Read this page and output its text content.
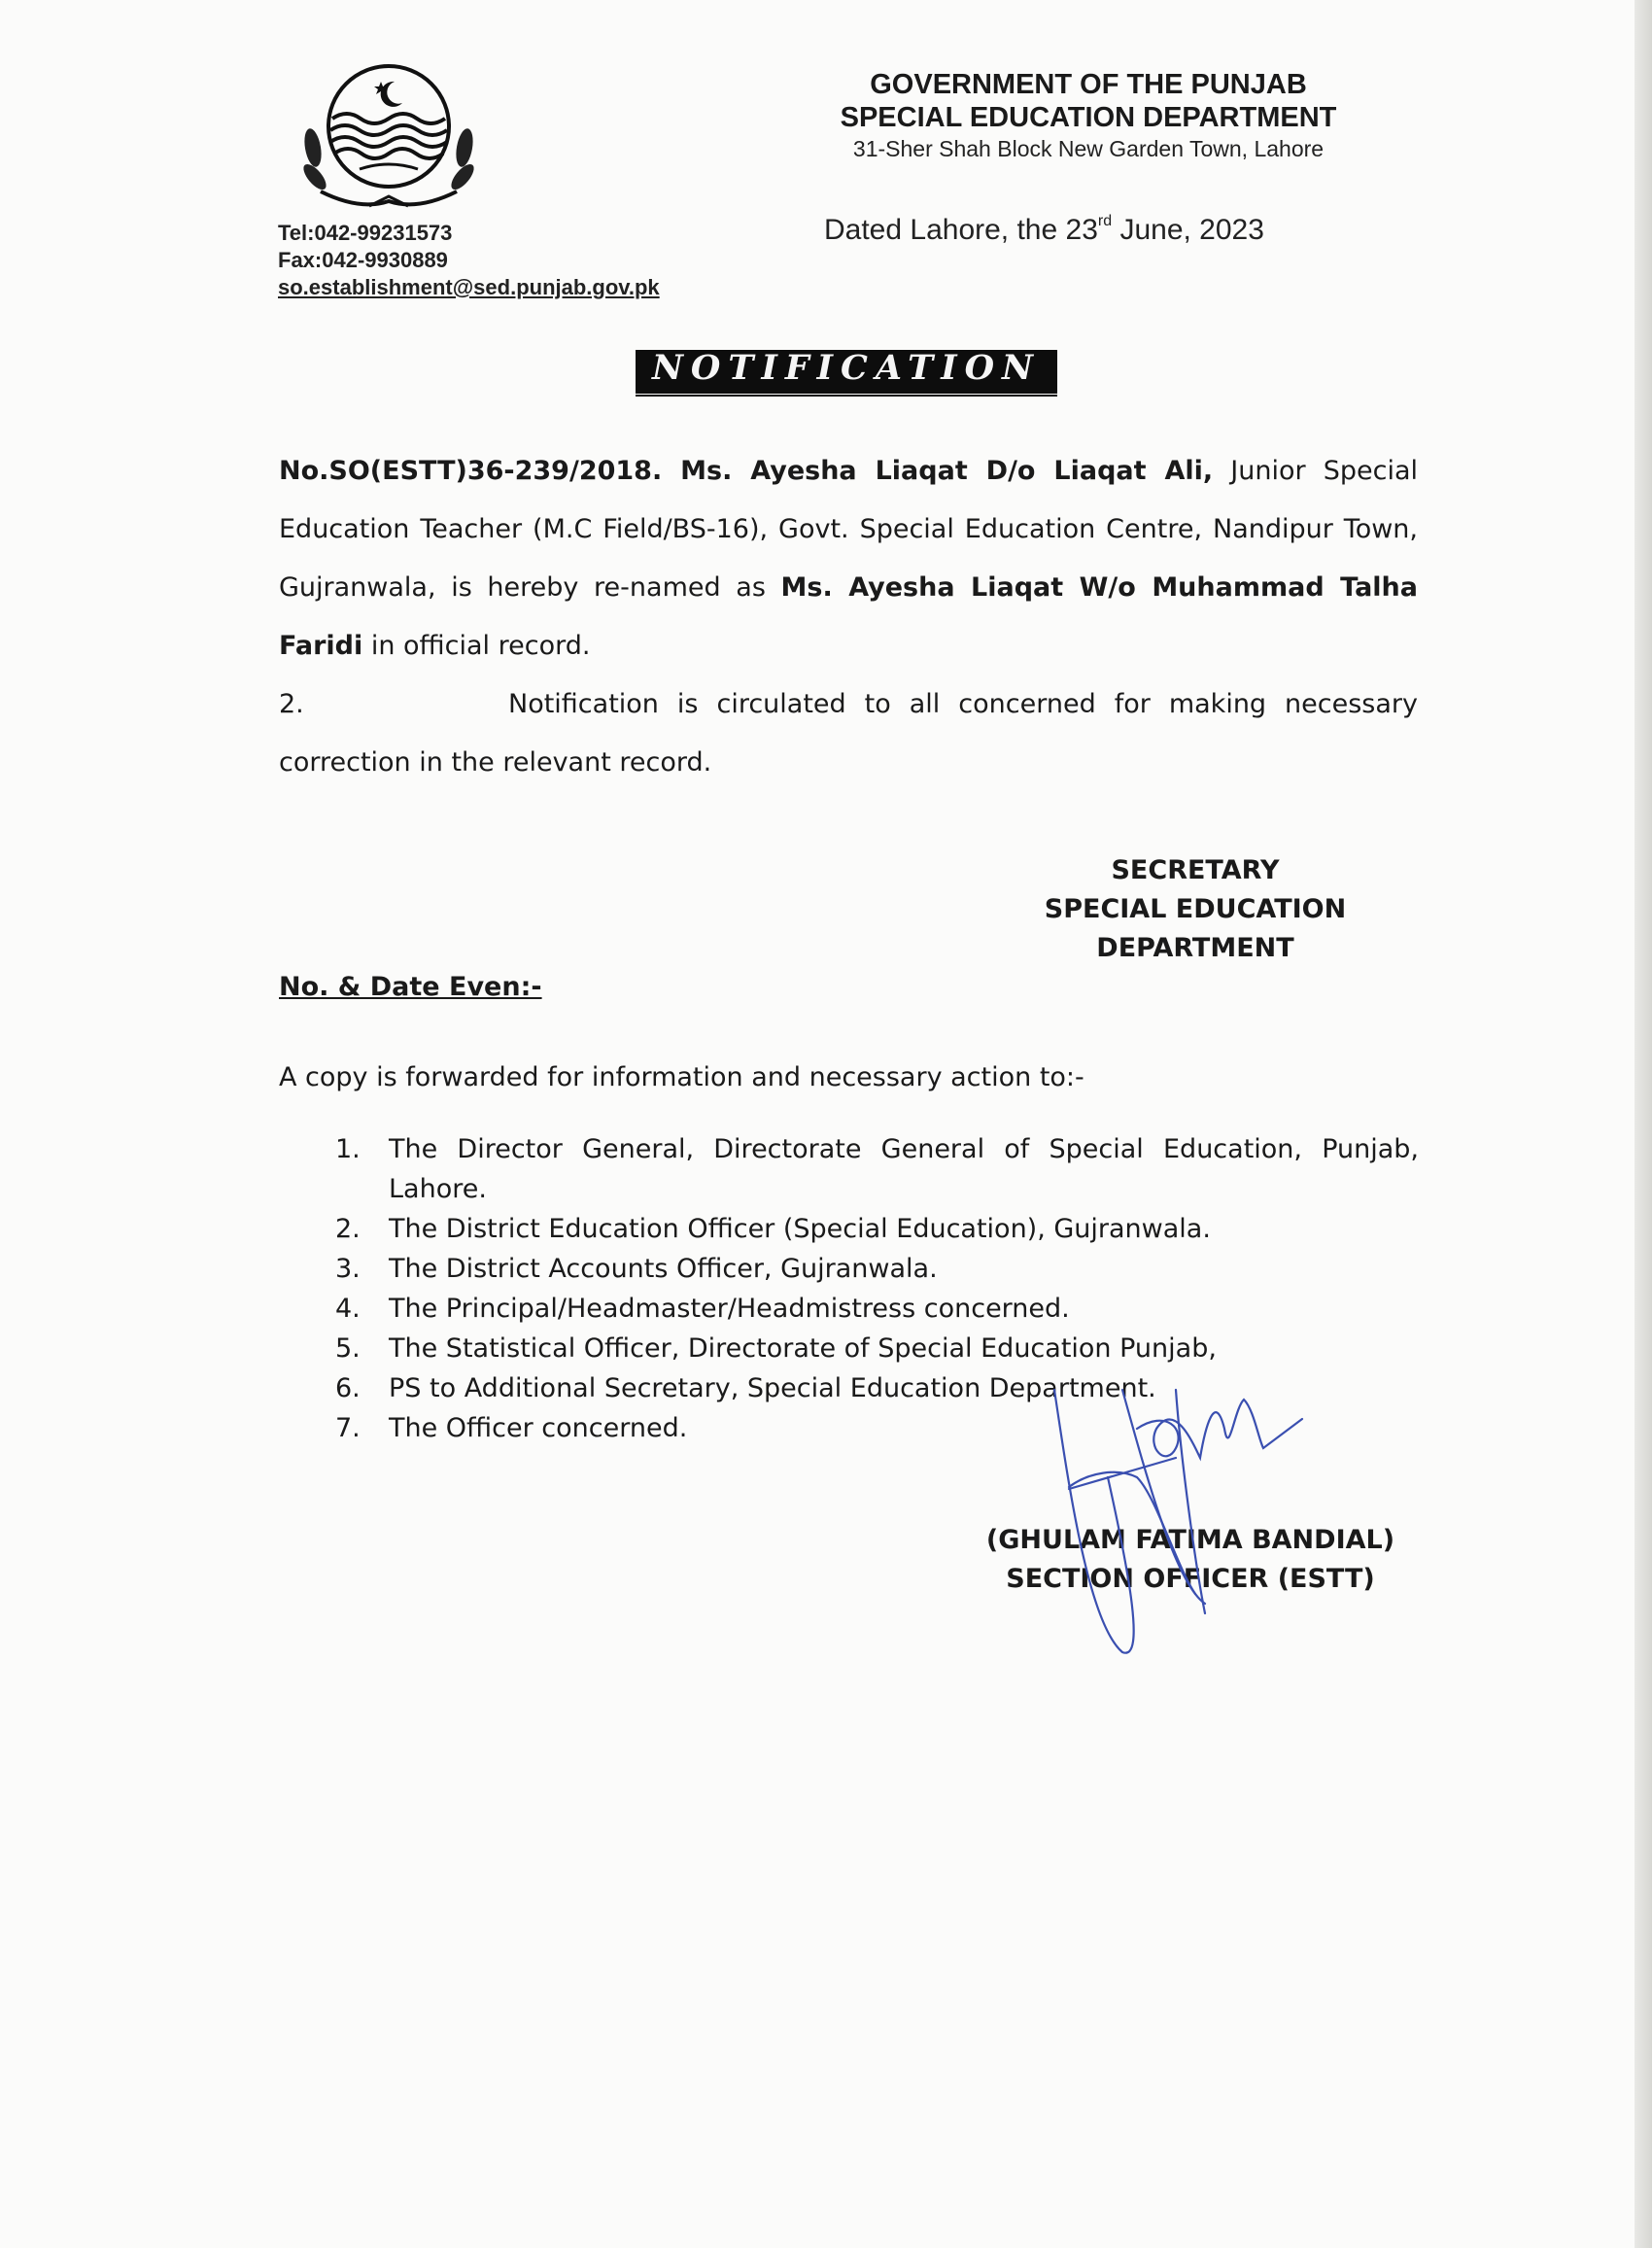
Tel:042-99231573
Fax:042-9930889
so.establishment@sed.punjab.gov.pk
GOVERNMENT OF THE PUNJAB
SPECIAL EDUCATION DEPARTMENT
31-Sher Shah Block New Garden Town, Lahore
Dated Lahore, the 23rd June, 2023
NOTIFICATION
No.SO(ESTT)36-239/2018. Ms. Ayesha Liaqat D/o Liaqat Ali, Junior Special Education Teacher (M.C Field/BS-16), Govt. Special Education Centre, Nandipur Town, Gujranwala, is hereby re-named as Ms. Ayesha Liaqat W/o Muhammad Talha Faridi in official record.
2.	Notification is circulated to all concerned for making necessary
correction in the relevant record.
SECRETARY
SPECIAL EDUCATION
DEPARTMENT
No. & Date Even:-
A copy is forwarded for information and necessary action to:-
1.	The Director General, Directorate General of Special Education, Punjab, Lahore.
2.	The District Education Officer (Special Education), Gujranwala.
3.	The District Accounts Officer, Gujranwala.
4.	The Principal/Headmaster/Headmistress concerned.
5.	The Statistical Officer, Directorate of Special Education Punjab,
6.	PS to Additional Secretary, Special Education Department.
7.	The Officer concerned.
(GHULAM FATIMA BANDIAL)
SECTION OFFICER (ESTT)
